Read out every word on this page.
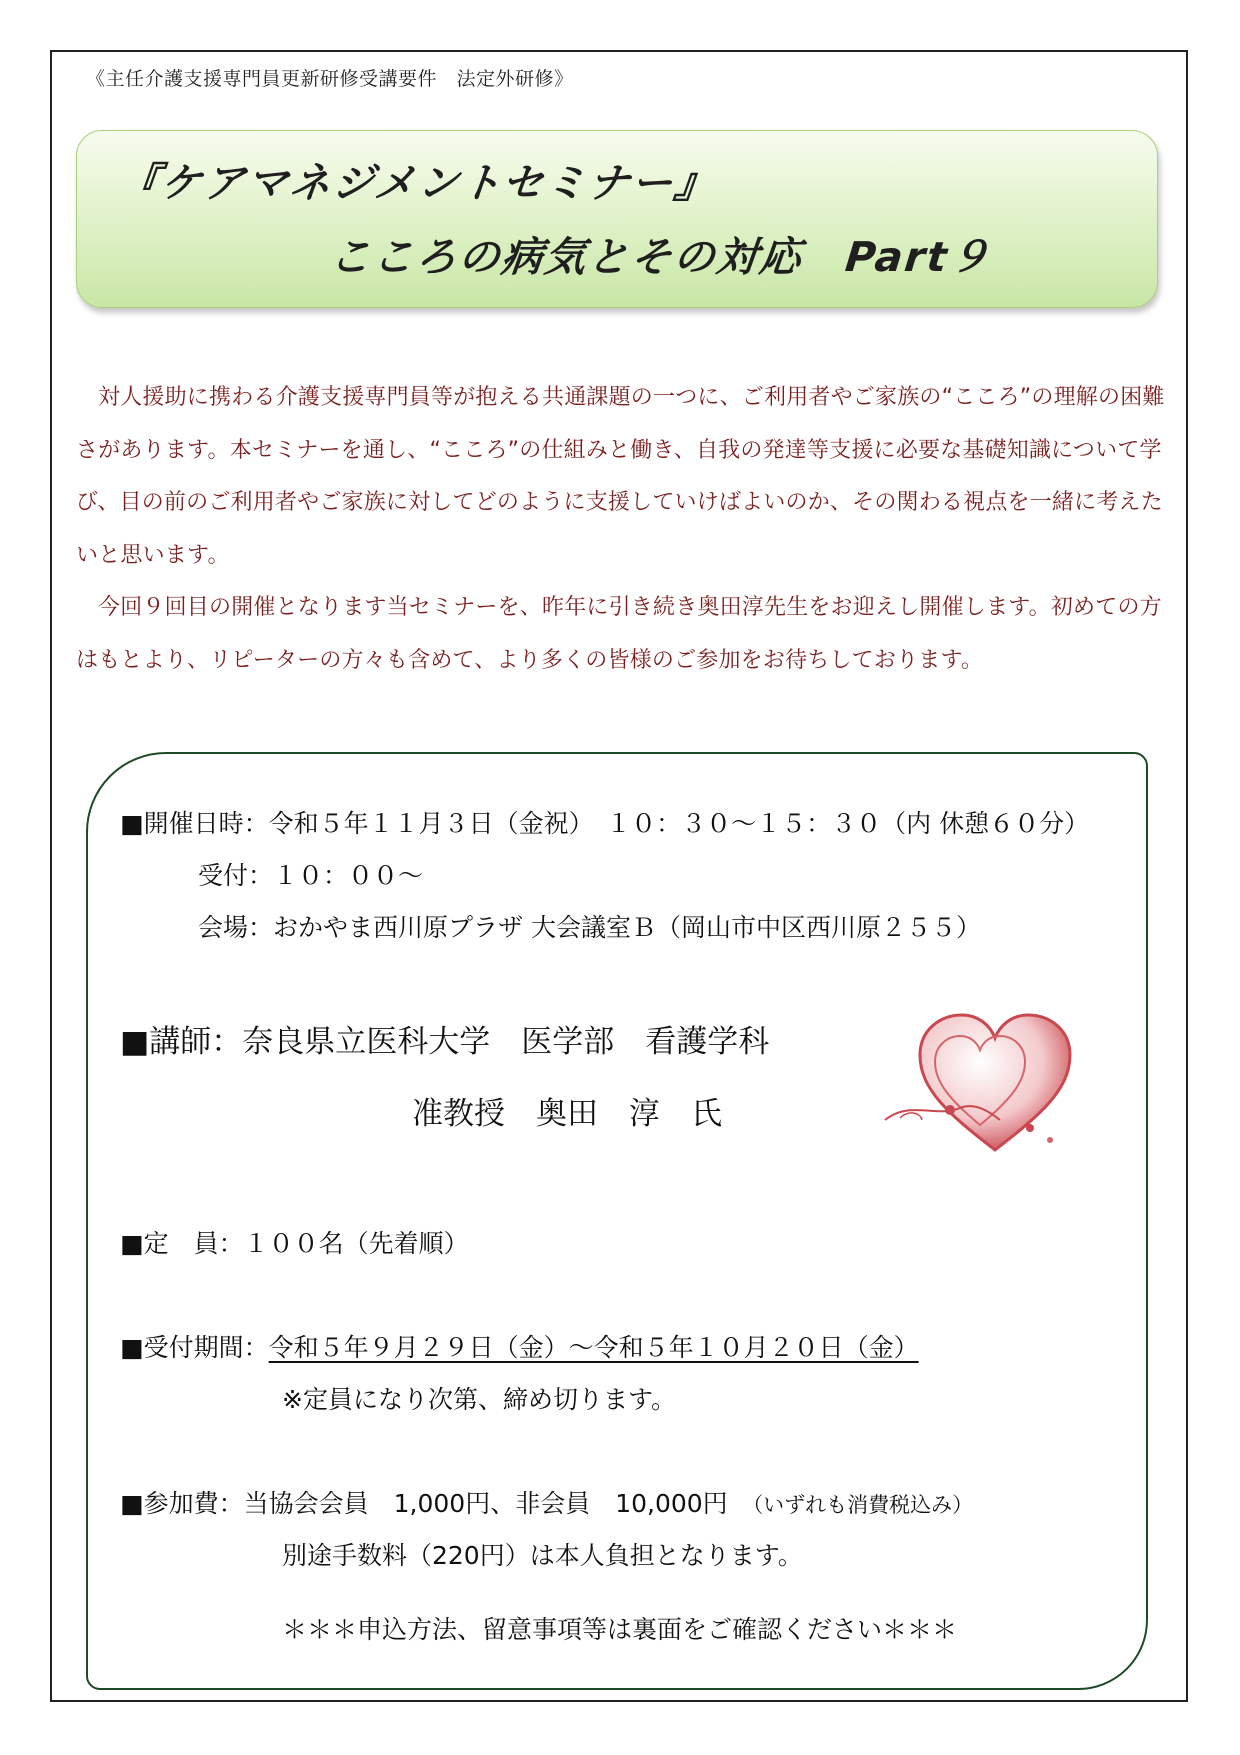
《主任介護支援専門員更新研修受講要件　法定外研修》
『ケアマネジメントセミナー』
こころの病気とその対応　Part９

対人援助に携わる介護支援専門員等が抱える共通課題の一つに、ご利用者やご家族の“こころ”の理解の困難さがあります。本セミナーを通し、“こころ”の仕組みと働き、自我の発達等支援に必要な基礎知識について学び、目の前のご利用者やご家族に対してどのように支援していけばよいのか、その関わる視点を一緒に考えたいと思います。

今回９回目の開催となります当セミナーを、昨年に引き続き奥田淳先生をお迎えし開催します。初めての方はもとより、リピーターの方々も含めて、より多くの皆様のご参加をお待ちしております。

■開催日時：令和５年１１月３日（金祝）　１０：３０〜１５：３０（内 休憩６０分）
受付：１０：００〜
会場：おかやま西川原プラザ 大会議室Ｂ（岡山市中区西川原２５５）
■講師：奈良県立医科大学　医学部　看護学科
准教授　奥田　淳　氏
■定　員：１００名（先着順）
■受付期間：令和５年９月２９日（金）〜令和５年１０月２０日（金）
※定員になり次第、締め切ります。
■参加費：当協会会員　1,000円、非会員　10,000円　 （いずれも消費税込み）
別途手数料（220円）は本人負担となります。
＊＊＊申込方法、留意事項等は裏面をご確認ください＊＊＊
